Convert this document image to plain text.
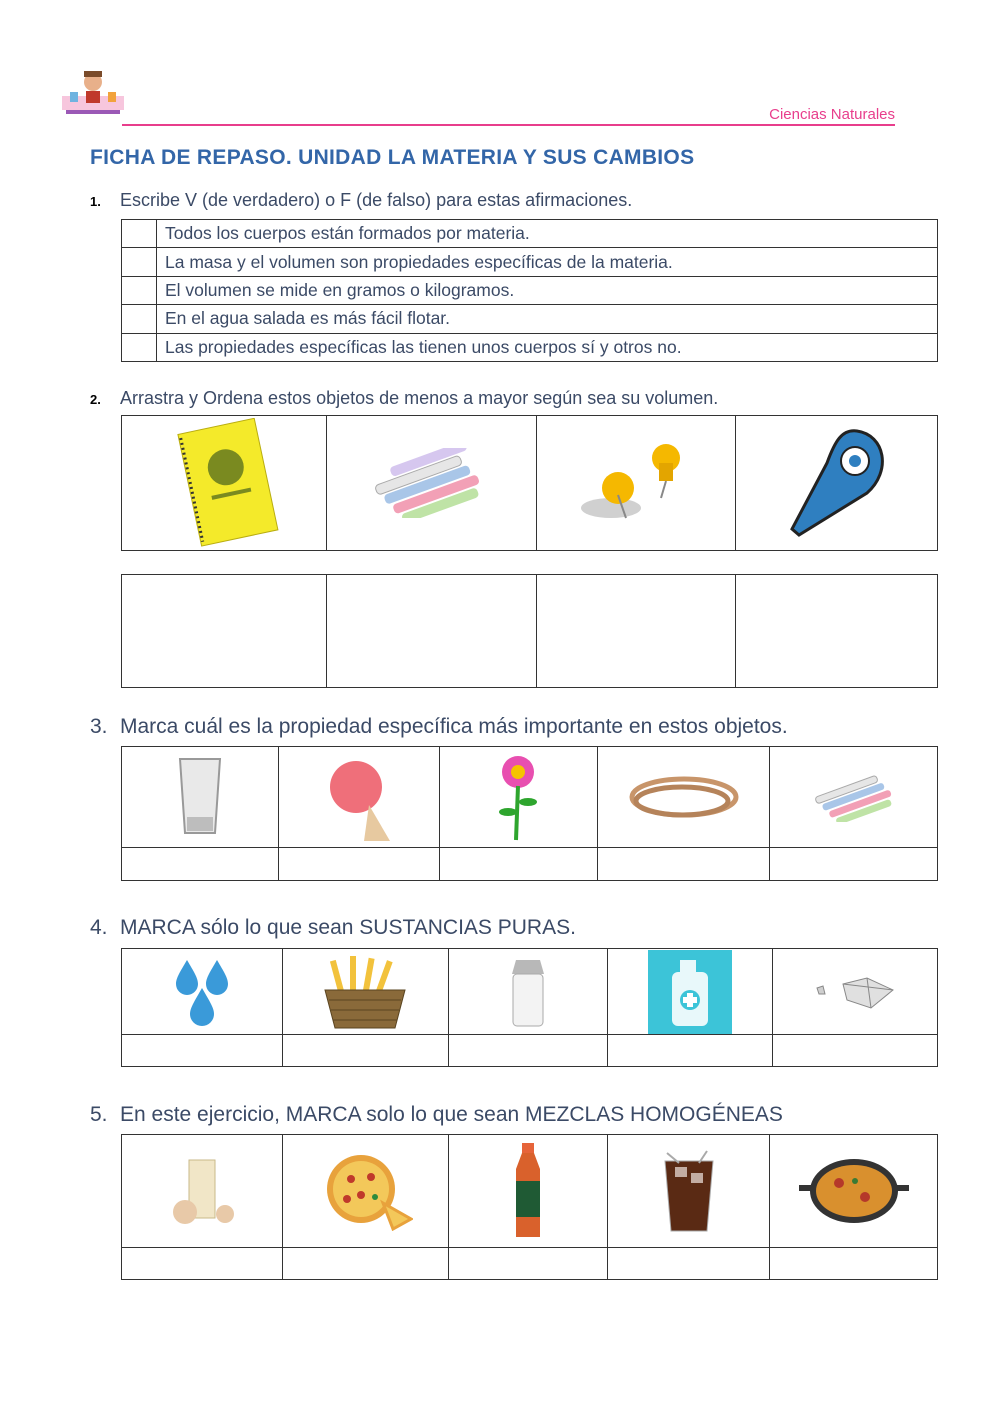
Ciencias Naturales
FICHA DE REPASO. UNIDAD LA MATERIA Y SUS CAMBIOS
1. Escribe V (de verdadero) o F (de falso) para estas afirmaciones.
	Todos los cuerpos están formados por materia.
	La masa y el volumen son propiedades específicas de la materia.
	El volumen se mide en gramos o kilogramos.
	En el agua salada es más fácil flotar.
	Las propiedades específicas las tienen unos cuerpos sí y otros no.
2. Arrastra y Ordena estos objetos de menos a mayor según sea su volumen.

3. Marca cuál es la propiedad específica más importante en estos objetos.

4. MARCA sólo lo que sean SUSTANCIAS PURAS.

5. En este ejercicio, MARCA solo lo que sean MEZCLAS HOMOGÉNEAS
